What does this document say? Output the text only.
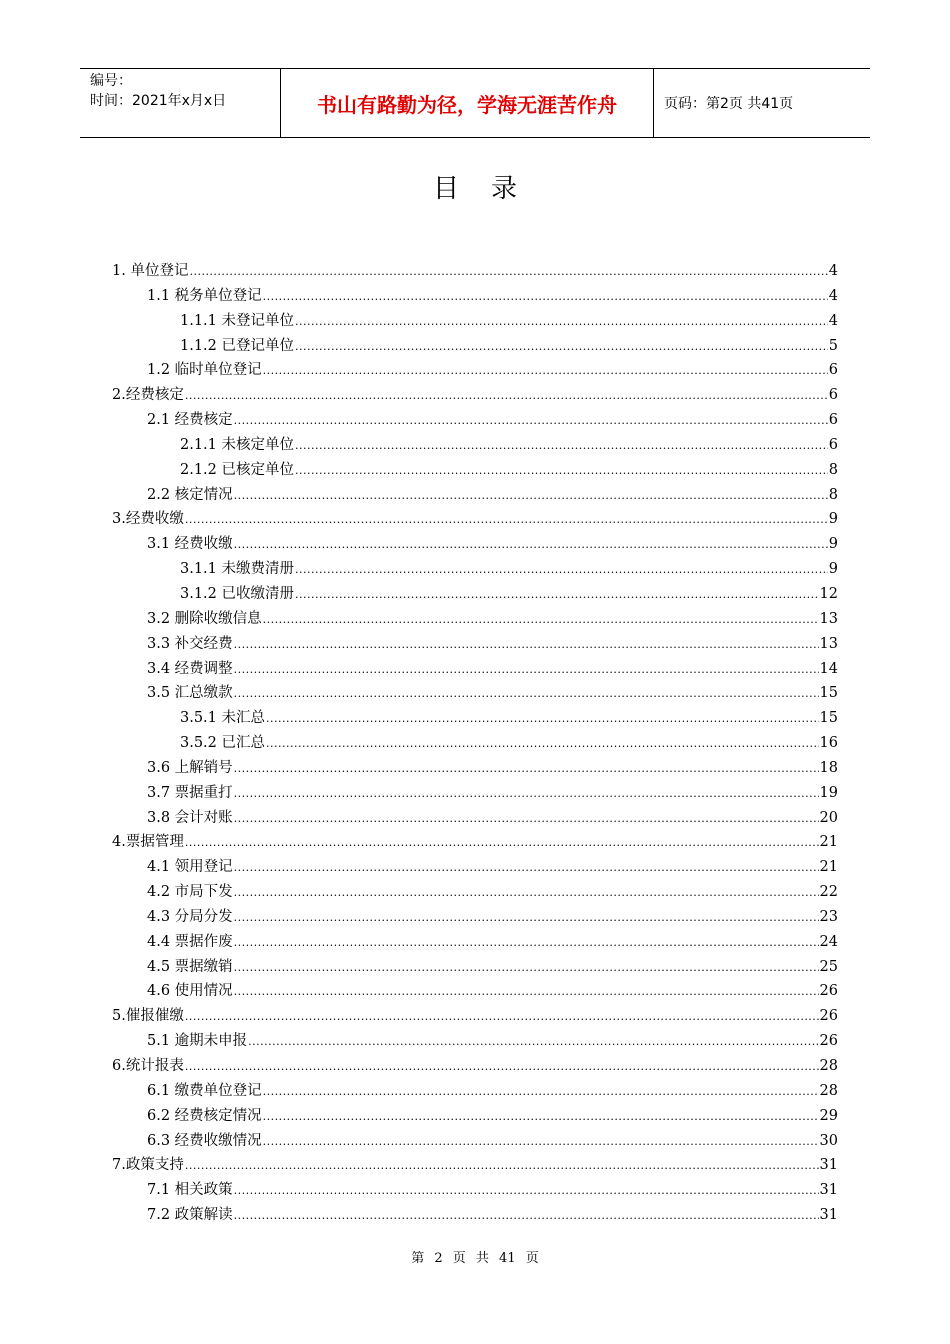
编号：
时间：2021年x月x日	书山有路勤为径，学海无涯苦作舟	页码：第2页 共41页
目录
1. 单位登记 .....	4
1.1 税务单位登记 .....	4
1.1.1 未登记单位 .....	4
1.1.2 已登记单位 .....	5
1.2 临时单位登记 .....	6
2.经费核定 .....	6
2.1 经费核定 .....	6
2.1.1 未核定单位 .....	6
2.1.2 已核定单位 .....	8
2.2 核定情况 .....	8
3.经费收缴 .....	9
3.1 经费收缴 .....	9
3.1.1 未缴费清册 .....	9
3.1.2 已收缴清册 .....	12
3.2 删除收缴信息 .....	13
3.3 补交经费 .....	13
3.4 经费调整 .....	14
3.5 汇总缴款 .....	15
3.5.1 未汇总 .....	15
3.5.2 已汇总 .....	16
3.6 上解销号 .....	18
3.7 票据重打 .....	19
3.8 会计对账 .....	20
4.票据管理 .....	21
4.1 领用登记 .....	21
4.2 市局下发 .....	22
4.3 分局分发 .....	23
4.4 票据作废 .....	24
4.5 票据缴销 .....	25
4.6 使用情况 .....	26
5.催报催缴 .....	26
5.1 逾期未申报 .....	26
6.统计报表 .....	28
6.1 缴费单位登记 .....	28
6.2 经费核定情况 .....	29
6.3 经费收缴情况 .....	30
7.政策支持 .....	31
7.1 相关政策 .....	31
7.2 政策解读 .....	31
第 2 页 共 41 页
